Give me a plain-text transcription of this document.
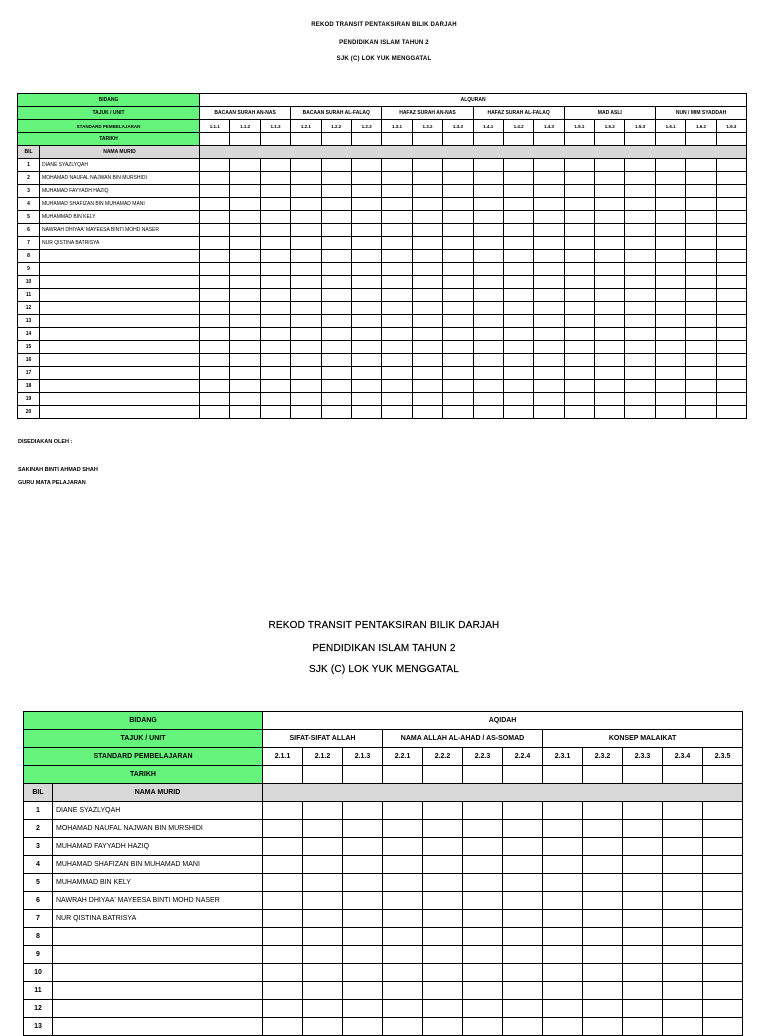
REKOD TRANSIT PENTAKSIRAN BILIK DARJAH
PENDIDIKAN ISLAM TAHUN 2
SJK (C) LOK YUK MENGGATAL
BIDANG		ALQURAN																	
TAJUK / UNIT		BACAAN SURAH AN-NAS			BACAAN SURAH AL-FALAQ			HAFAZ SURAH AN-NAS			HAFAZ SURAH AL-FALAQ			MAD ASLI			NUN / MIM SYADDAH		
STANDARD PEMBELAJARAN		1.1.1	1.1.2	1.1.3	1.2.1	1.2.2	1.2.3	1.3.1	1.3.2	1.3.3	1.4.1	1.4.2	1.4.3	1.5.1	1.5.2	1.5.3	1.6.1	1.6.2	1.6.3
TARIKH																			
BIL	NAMA MURID																		
1	DIANE SYAZLYQAH																		
2	MOHAMAD NAUFAL NAJWAN BIN MURSHIDI																		
3	MUHAMAD FAYYADH HAZIQ																		
4	MUHAMAD SHAFIZAN BIN MUHAMAD MANI																		
5	MUHAMMAD BIN KELY																		
6	NAWRAH DHIYAA' MAYEESA BINTI MOHD NASER																		
7	NUR QISTINA BATRISYA																		
8																			
9																			
10																			
11																			
12																			
13																			
14																			
15																			
16																			
17																			
18																			
19																			
20																			
DISEDIAKAN OLEH :
SAKINAH BINTI AHMAD SHAH
GURU MATA PELAJARAN
REKOD TRANSIT PENTAKSIRAN BILIK DARJAH
PENDIDIKAN ISLAM TAHUN 2
SJK (C) LOK YUK MENGGATAL
BIDANG		AQIDAH											
TAJUK / UNIT		SIFAT-SIFAT ALLAH			NAMA ALLAH AL-AHAD / AS-SOMAD				KONSEP MALAIKAT				
STANDARD PEMBELAJARAN		2.1.1	2.1.2	2.1.3	2.2.1	2.2.2	2.2.3	2.2.4	2.3.1	2.3.2	2.3.3	2.3.4	2.3.5
TARIKH													
BIL	NAMA MURID												
1	DIANE SYAZLYQAH												
2	MOHAMAD NAUFAL NAJWAN BIN MURSHIDI												
3	MUHAMAD FAYYADH HAZIQ												
4	MUHAMAD SHAFIZAN BIN MUHAMAD MANI												
5	MUHAMMAD BIN KELY												
6	NAWRAH DHIYAA' MAYEESA BINTI MOHD NASER												
7	NUR QISTINA BATRISYA												
8													
9													
10													
11													
12													
13													
